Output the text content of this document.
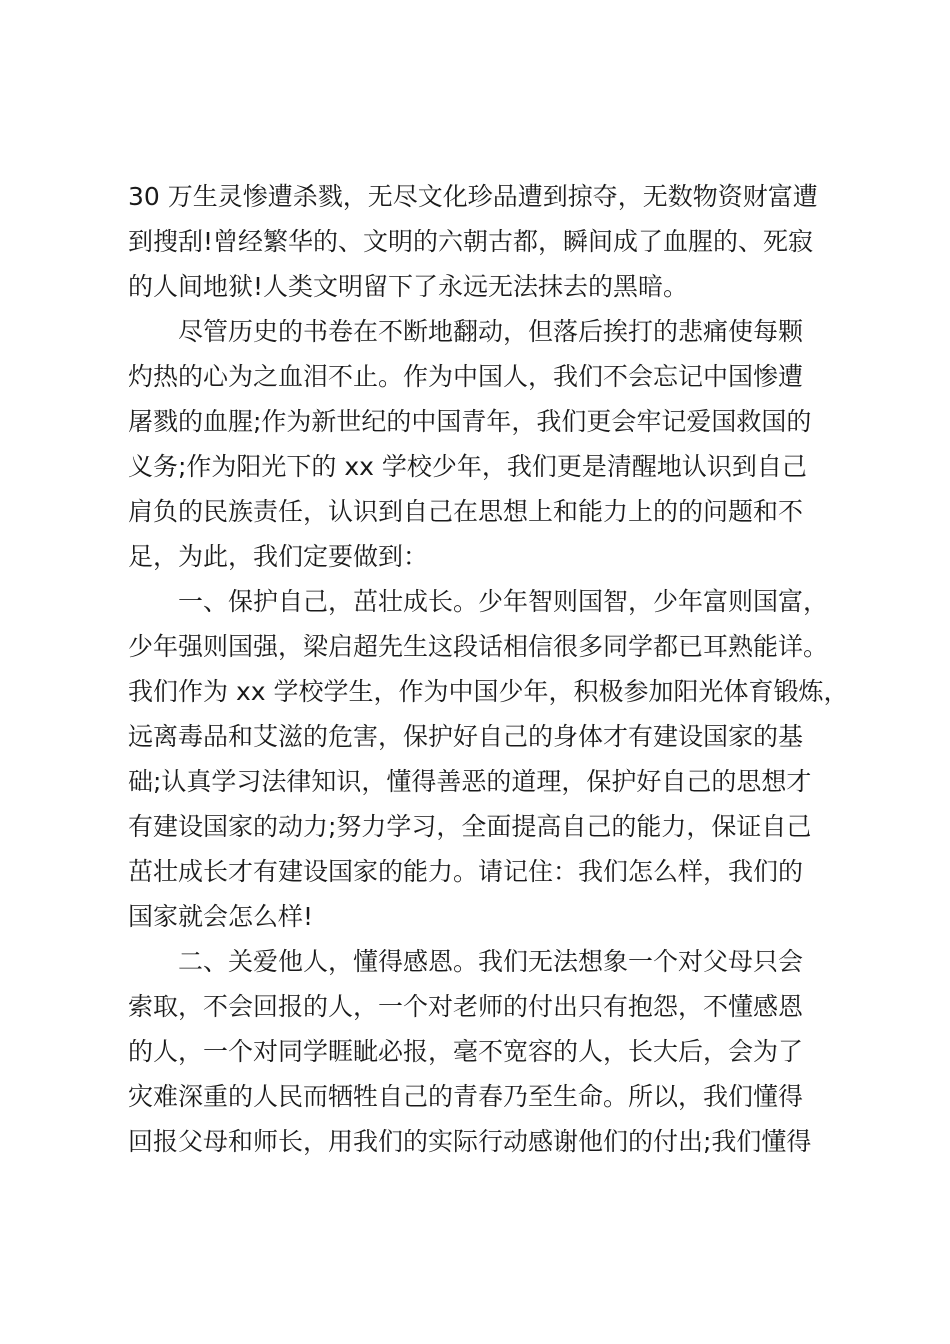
30 万生灵惨遭杀戮，无尽文化珍品遭到掠夺，无数物资财富遭
到搜刮!曾经繁华的、文明的六朝古都，瞬间成了血腥的、死寂
的人间地狱!人类文明留下了永远无法抹去的黑暗。
尽管历史的书卷在不断地翻动，但落后挨打的悲痛使每颗
灼热的心为之血泪不止。作为中国人，我们不会忘记中国惨遭
屠戮的血腥;作为新世纪的中国青年，我们更会牢记爱国救国的
义务;作为阳光下的 xx 学校少年，我们更是清醒地认识到自己
肩负的民族责任，认识到自己在思想上和能力上的的问题和不
足，为此，我们定要做到：
一、保护自己，茁壮成长。少年智则国智，少年富则国富，
少年强则国强，梁启超先生这段话相信很多同学都已耳熟能详。
我们作为 xx 学校学生，作为中国少年，积极参加阳光体育锻炼，
远离毒品和艾滋的危害，保护好自己的身体才有建设国家的基
础;认真学习法律知识，懂得善恶的道理，保护好自己的思想才
有建设国家的动力;努力学习，全面提高自己的能力，保证自己
茁壮成长才有建设国家的能力。请记住：我们怎么样，我们的
国家就会怎么样!
二、关爱他人，懂得感恩。我们无法想象一个对父母只会
索取，不会回报的人，一个对老师的付出只有抱怨，不懂感恩
的人，一个对同学睚眦必报，毫不宽容的人，长大后，会为了
灾难深重的人民而牺牲自己的青春乃至生命。所以，我们懂得
回报父母和师长，用我们的实际行动感谢他们的付出;我们懂得
